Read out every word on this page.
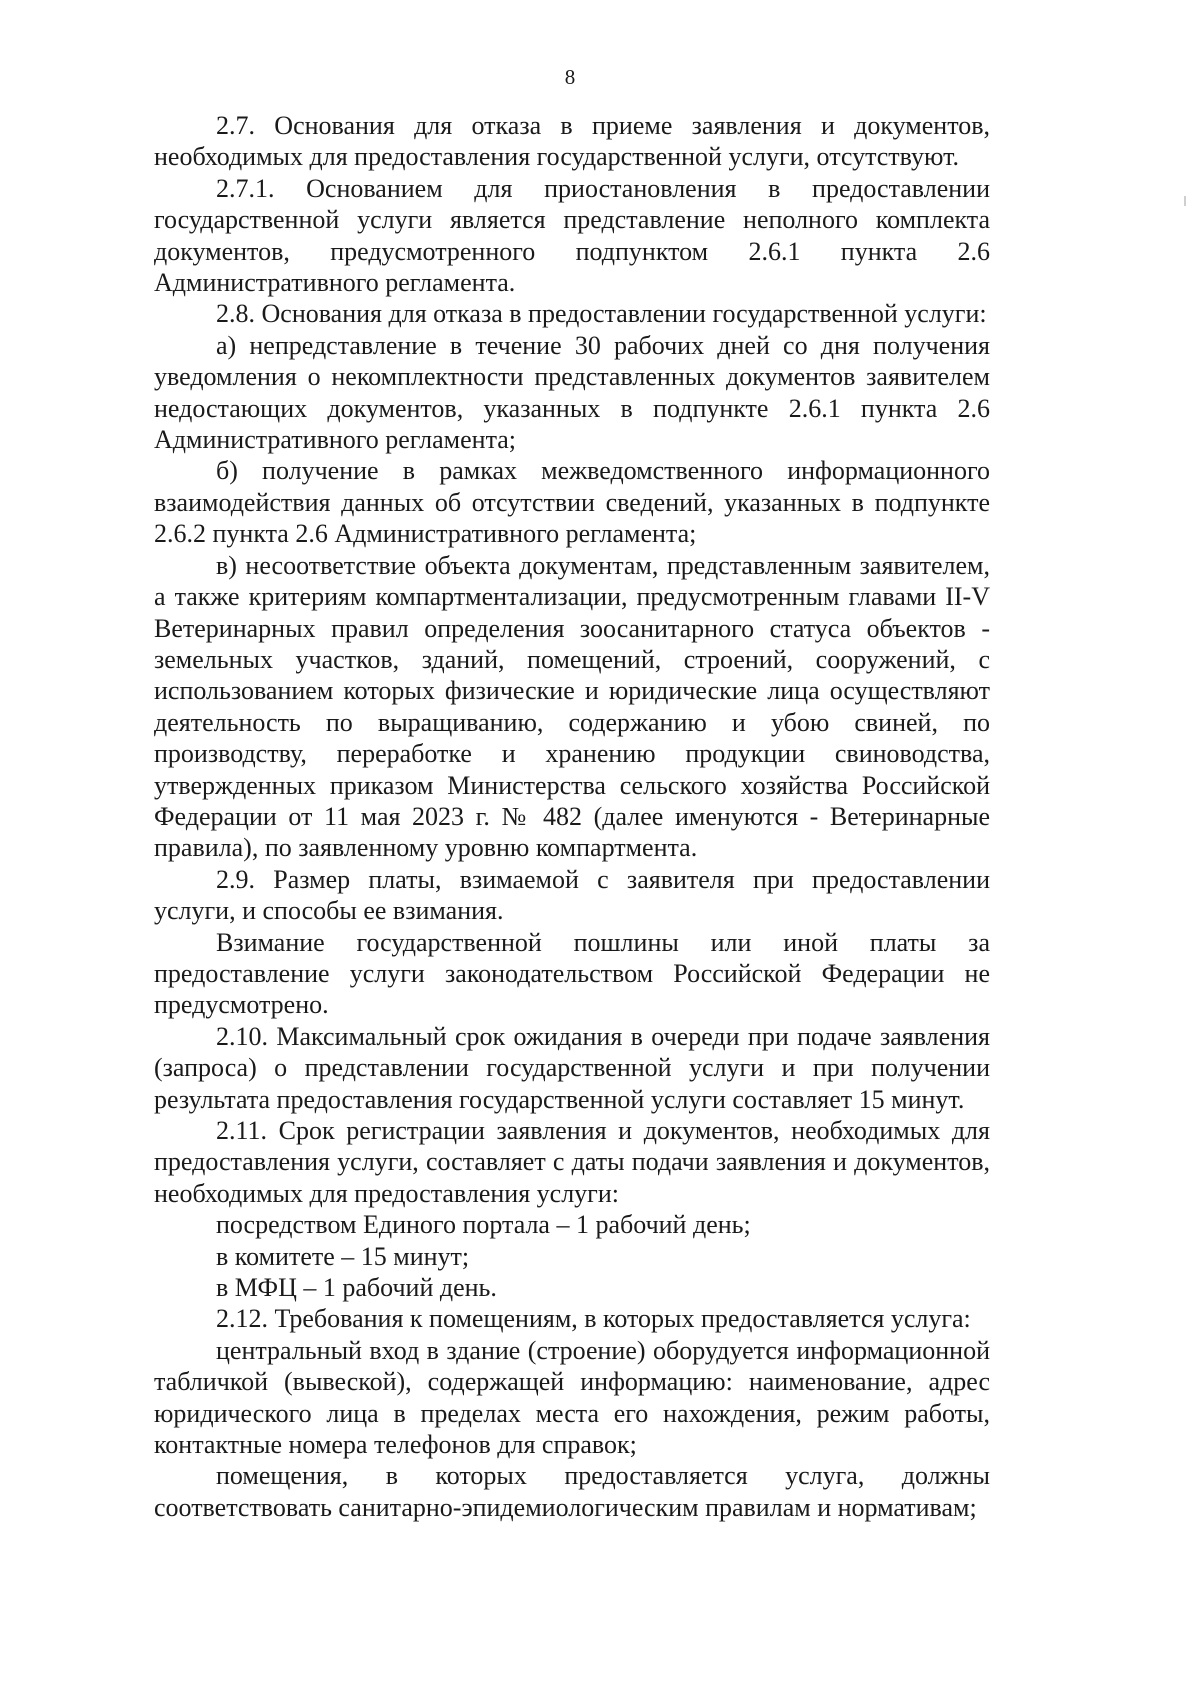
8

2.7. Основания для отказа в приеме заявления и документов, необходимых для предоставления государственной услуги, отсутствуют.

2.7.1. Основанием для приостановления в предоставлении государственной услуги является представление неполного комплекта документов, предусмотренного подпунктом 2.6.1 пункта 2.6 Административного регламента.

2.8. Основания для отказа в предоставлении государственной услуги:

а) непредставление в течение 30 рабочих дней со дня получения уведомления о некомплектности представленных документов заявителем недостающих документов, указанных в подпункте 2.6.1 пункта 2.6 Административного регламента;

б) получение в рамках межведомственного информационного взаимодействия данных об отсутствии сведений, указанных в подпункте 2.6.2 пункта 2.6 Административного регламента;

в) несоответствие объекта документам, представленным заявителем, а также критериям компартментализации, предусмотренным главами II-V Ветеринарных правил определения зоосанитарного статуса объектов - земельных участков, зданий, помещений, строений, сооружений, с использованием которых физические и юридические лица осуществляют деятельность по выращиванию, содержанию и убою свиней, по производству, переработке и хранению продукции свиноводства, утвержденных приказом Министерства сельского хозяйства Российской Федерации от 11 мая 2023 г. № 482 (далее именуются - Ветеринарные правила), по заявленному уровню компартмента.

2.9. Размер платы, взимаемой с заявителя при предоставлении услуги, и способы ее взимания.

Взимание государственной пошлины или иной платы за предоставление услуги законодательством Российской Федерации не предусмотрено.

2.10. Максимальный срок ожидания в очереди при подаче заявления (запроса) о представлении государственной услуги и при получении результата предоставления государственной услуги составляет 15 минут.

2.11. Срок регистрации заявления и документов, необходимых для предоставления услуги, составляет с даты подачи заявления и документов, необходимых для предоставления услуги:

посредством Единого портала – 1 рабочий день;

в комитете – 15 минут;

в МФЦ – 1 рабочий день.

2.12. Требования к помещениям, в которых предоставляется услуга:

центральный вход в здание (строение) оборудуется информационной табличкой (вывеской), содержащей информацию: наименование, адрес юридического лица в пределах места его нахождения, режим работы, контактные номера телефонов для справок;

помещения, в которых предоставляется услуга, должны соответствовать санитарно-эпидемиологическим правилам и нормативам;
